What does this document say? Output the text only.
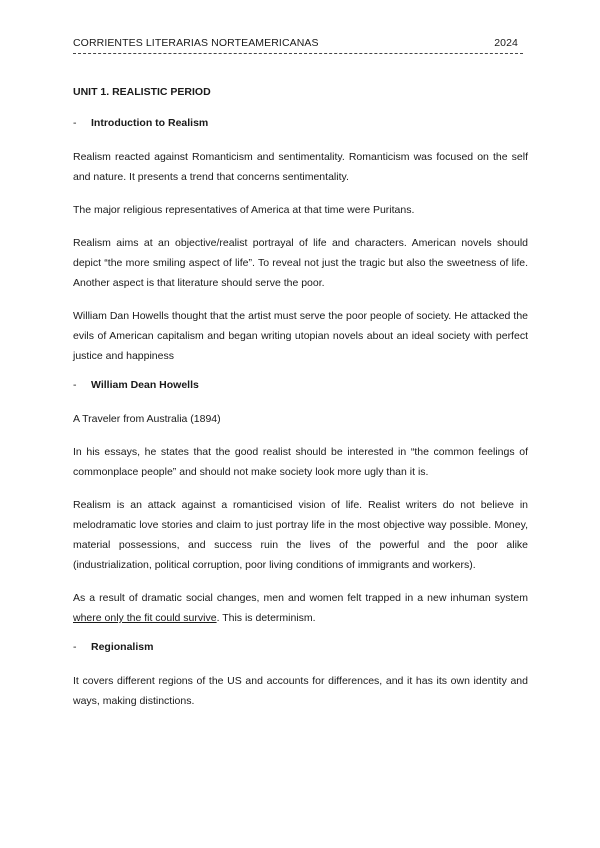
CORRIENTES LITERARIAS NORTEAMERICANAS	2024
UNIT 1. REALISTIC PERIOD
- Introduction to Realism

Realism reacted against Romanticism and sentimentality. Romanticism was focused on the self and nature. It presents a trend that concerns sentimentality.

The major religious representatives of America at that time were Puritans.

Realism aims at an objective/realist portrayal of life and characters. American novels should depict “the more smiling aspect of life”. To reveal not just the tragic but also the sweetness of life. Another aspect is that literature should serve the poor.

William Dan Howells thought that the artist must serve the poor people of society. He attacked the evils of American capitalism and began writing utopian novels about an ideal society with perfect justice and happiness

- William Dean Howells

A Traveler from Australia (1894)

In his essays, he states that the good realist should be interested in “the common feelings of commonplace people” and should not make society look more ugly than it is.

Realism is an attack against a romanticised vision of life. Realist writers do not believe in melodramatic love stories and claim to just portray life in the most objective way possible. Money, material possessions, and success ruin the lives of the powerful and the poor alike (industrialization, political corruption, poor living conditions of immigrants and workers).

As a result of dramatic social changes, men and women felt trapped in a new inhuman system where only the fit could survive. This is determinism.

- Regionalism

It covers different regions of the US and accounts for differences, and it has its own identity and ways, making distinctions.
